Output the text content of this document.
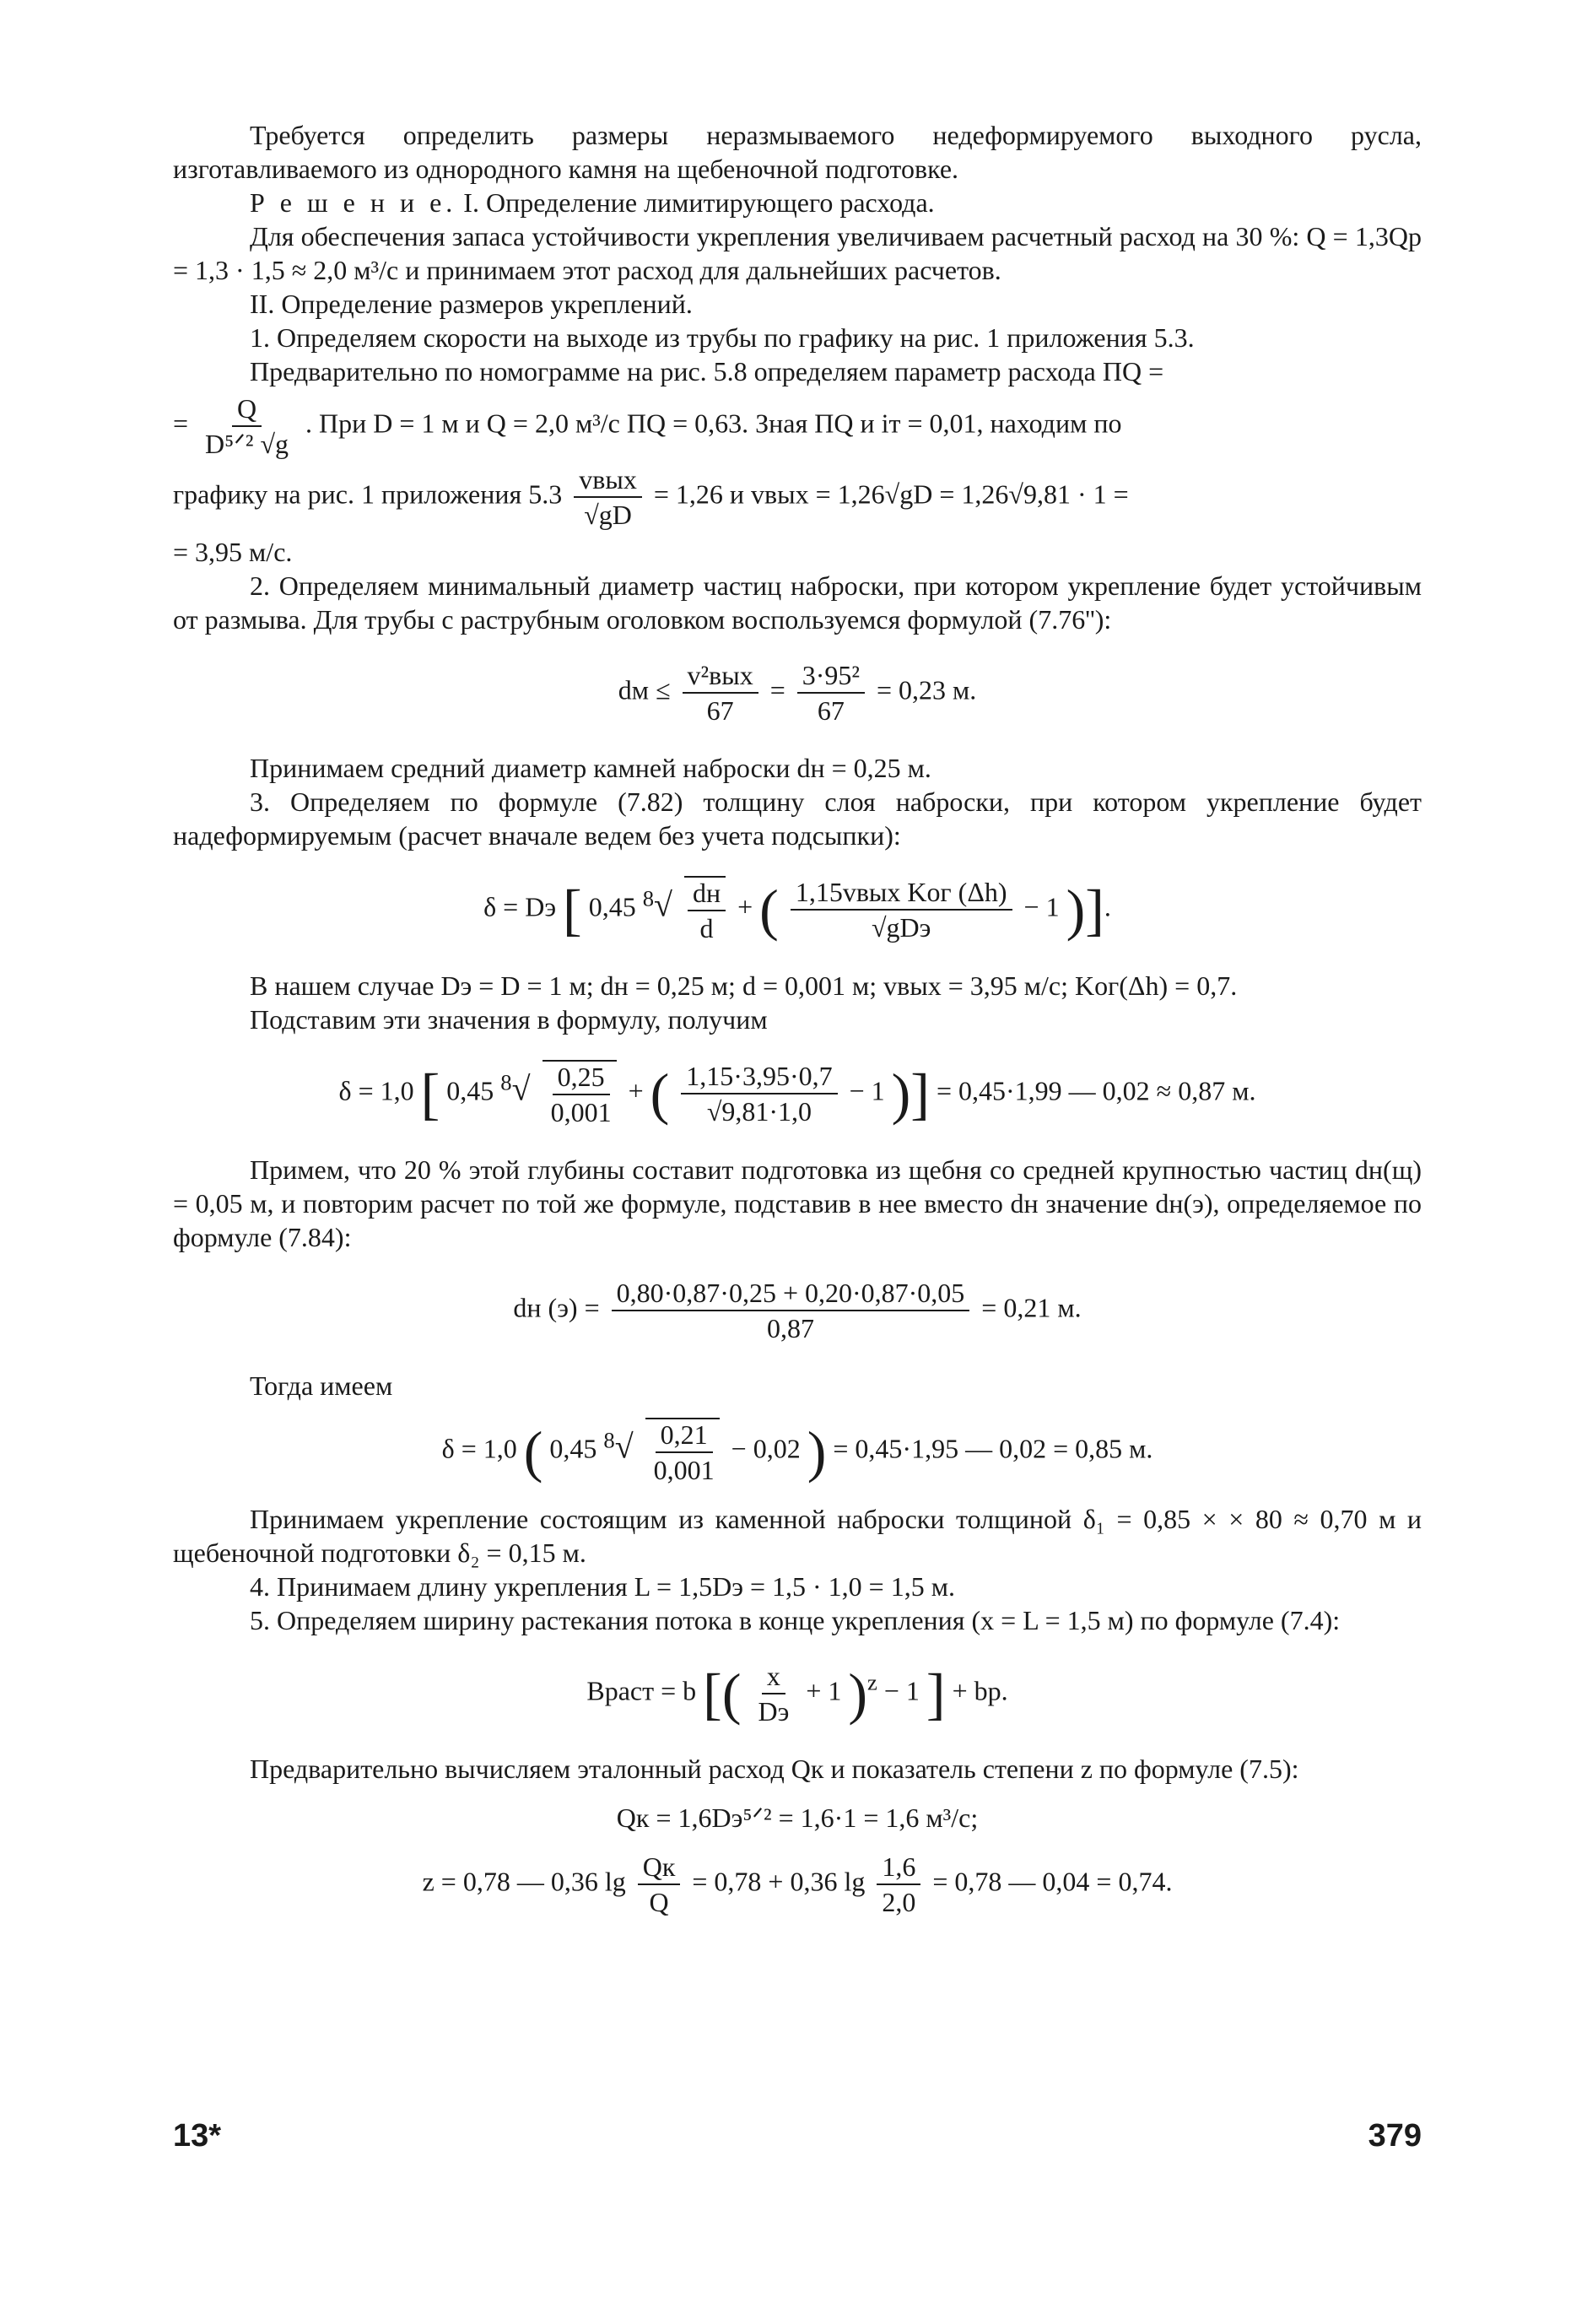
Требуется определить размеры неразмываемого недеформируемого выходного русла, изготавливаемого из однородного камня на щебеночной подготовке.

Р е ш е н и е. I. Определение лимитирующего расхода.

Для обеспечения запаса устойчивости укрепления увеличиваем расчетный расход на 30 %: Q = 1,3Qр = 1,3 · 1,5 ≈ 2,0 м³/с и принимаем этот расход для дальнейших расчетов.

II. Определение размеров укреплений.

1. Определяем скорости на выходе из трубы по графику на рис. 1 приложения 5.3.

Предварительно по номограмме на рис. 5.8 определяем параметр расхода ПQ =

= $\frac{Q}{\text{D⁵ᐟ² √g}}$ . При D = 1 м и Q = 2,0 м³/с ПQ = 0,63. Зная ПQ и iт = 0,01, находим по

графику на рис. 1 приложения $5.3 \frac{\text{vвых}}{√gD} = 1,26$ и vвых = 1,26√gD = 1,26√9,81 · 1 =

= 3,95 м/с.

2. Определяем минимальный диаметр частиц наброски, при котором укрепление будет устойчивым от размыва. Для трубы с раструбным оголовком воспользуемся формулой (7.76''):

dм ≤ $\frac{\text{v²вых}}{67} = \frac{\text{3·95²}}{67} = 0,23$ м.

Принимаем средний диаметр камней наброски dн = 0,25 м.

3. Определяем по формуле (7.82) толщину слоя наброски, при котором укрепление будет надеформируемым (расчет вначале ведем без учета подсыпки):

δ = Dэ [ 0,45 $^8√ \frac{dн}{d}$ + ( $\frac{\text{1,15vвых Kог (Δh)}}{\text{√gDэ}} - 1$ )].

В нашем случае Dэ = D = 1 м; dн = 0,25 м; d = 0,001 м; vвых = 3,95 м/с; Kог(Δh) = 0,7.

Подставим эти значения в формулу, получим

δ = 1,0 [ 0,45 $^8√ \frac{0,25}{0,001}$ + ( $\frac{1,15\cdot 3,95\cdot 0,7}{√9,81\cdot 1,0} - 1$ )] = 0,45·1,99 — 0,02 ≈ 0,87 м.

Примем, что 20 % этой глубины составит подготовка из щебня со средней крупностью частиц dн(щ) = 0,05 м, и повторим расчет по той же формуле, подставив в нее вместо dн значение dн(э), определяемое по формуле (7.84):

dн $(э) = \frac{0,80\cdot 0,87\cdot 0,25 + 0,20\cdot 0,87\cdot 0,05}{0,87} = 0,21$ м.

Тогда имеем

δ = 1,0 ( 0,45 $^8√ \frac{0,21}{0,001} - 0,02$ ) = 0,45·1,95 — 0,02 = 0,85 м.

Принимаем укрепление состоящим из каменной наброски толщиной δ₁ = 0,85 × × 80 ≈ 0,70 м и щебеночной подготовки δ₂ = 0,15 м.

4. Принимаем длину укрепления L = 1,5Dэ = 1,5 · 1,0 = 1,5 м.

5. Определяем ширину растекания потока в конце укрепления (x = L = 1,5 м) по формуле (7.4):

Bраст = b [( $\frac{x}{Dэ} + 1$ )$^z$ − 1 ] + bр.

Предварительно вычисляем эталонный расход Qк и показатель степени z по формуле (7.5):

Qк = 1,6Dэ⁵ᐟ² = 1,6·1 = 1,6 м³/с;
z = 0,78 — 0,36 $\lg \frac{Qк}{Q} = 0,78 + 0,36$ $\lg \frac{1,6}{2,0} = 0,78$ — 0,04 = 0,74.
13*	379
